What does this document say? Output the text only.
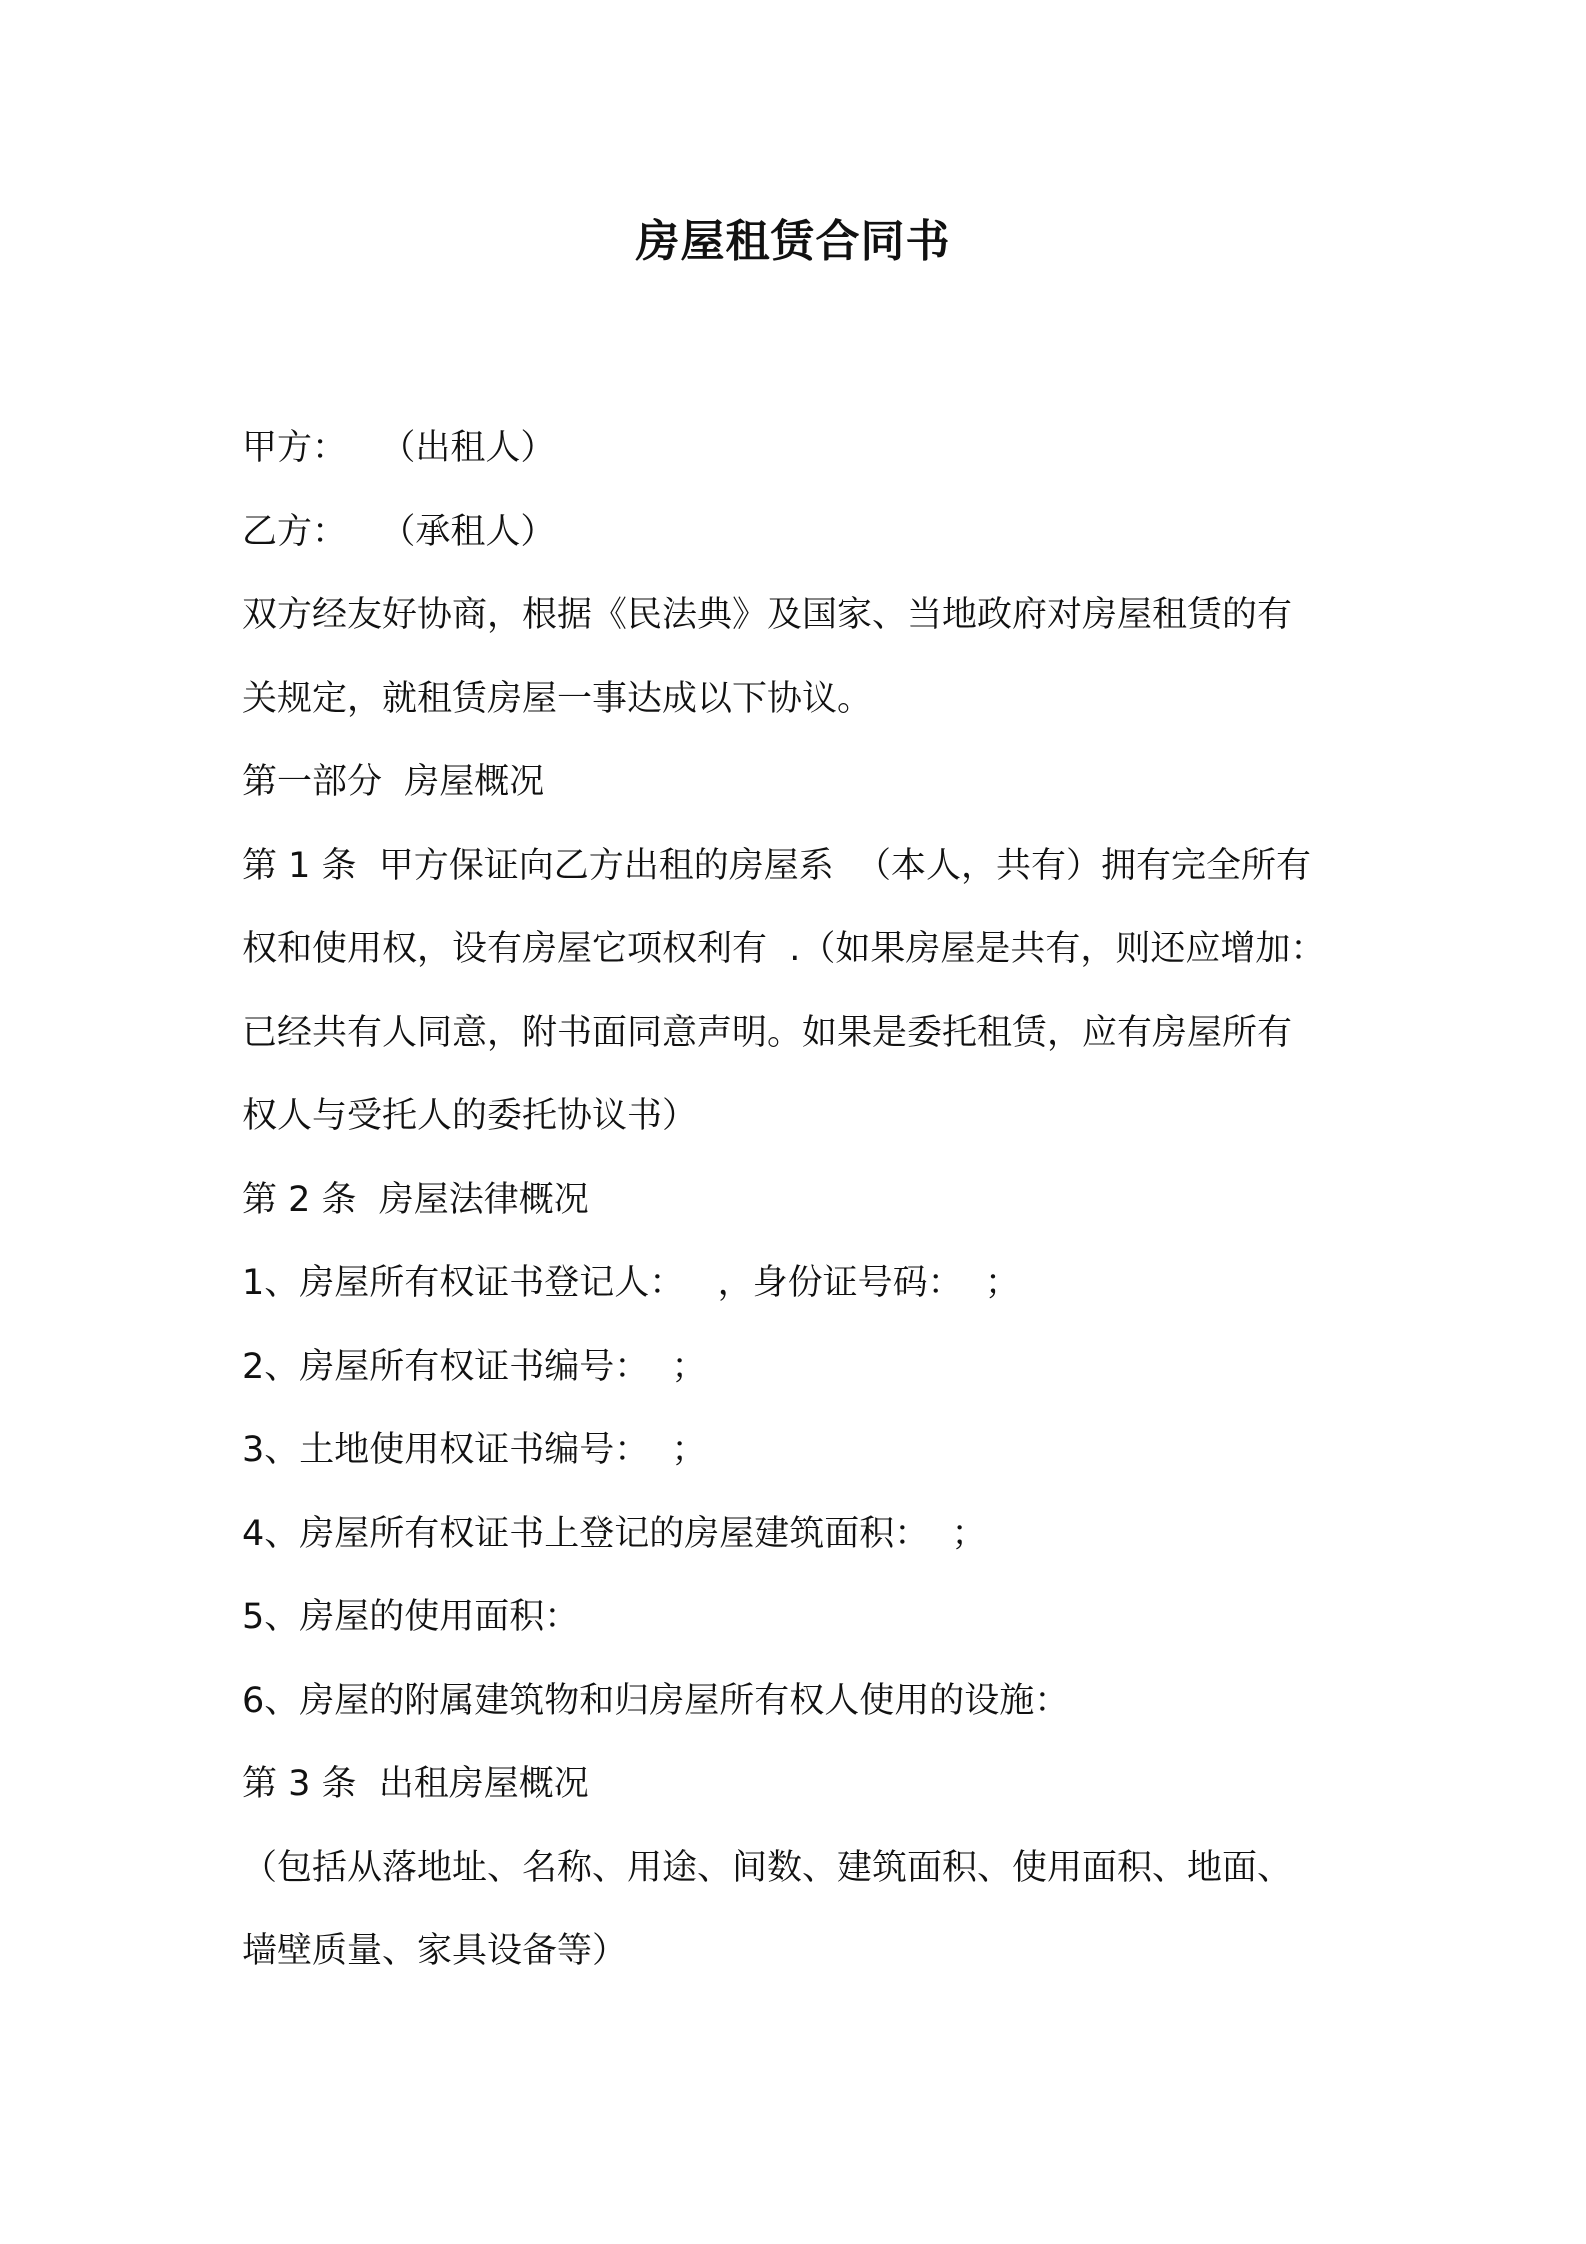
房屋租赁合同书
甲方：   （出租人）
乙方：   （承租人）
双方经友好协商，根据《民法典》及国家、当地政府对房屋租赁的有
关规定，就租赁房屋一事达成以下协议。
第一部分  房屋概况
第 1 条  甲方保证向乙方出租的房屋系  （本人，共有）拥有完全所有
权和使用权，设有房屋它项权利有  .（如果房屋是共有，则还应增加：
已经共有人同意，附书面同意声明。如果是委托租赁，应有房屋所有
权人与受托人的委托协议书）
第 2 条  房屋法律概况
1、房屋所有权证书登记人：   ，身份证号码：  ；
2、房屋所有权证书编号：  ；
3、土地使用权证书编号：  ；
4、房屋所有权证书上登记的房屋建筑面积：  ；
5、房屋的使用面积：
6、房屋的附属建筑物和归房屋所有权人使用的设施：
第 3 条  出租房屋概况
（包括从落地址、名称、用途、间数、建筑面积、使用面积、地面、
墙壁质量、家具设备等）
